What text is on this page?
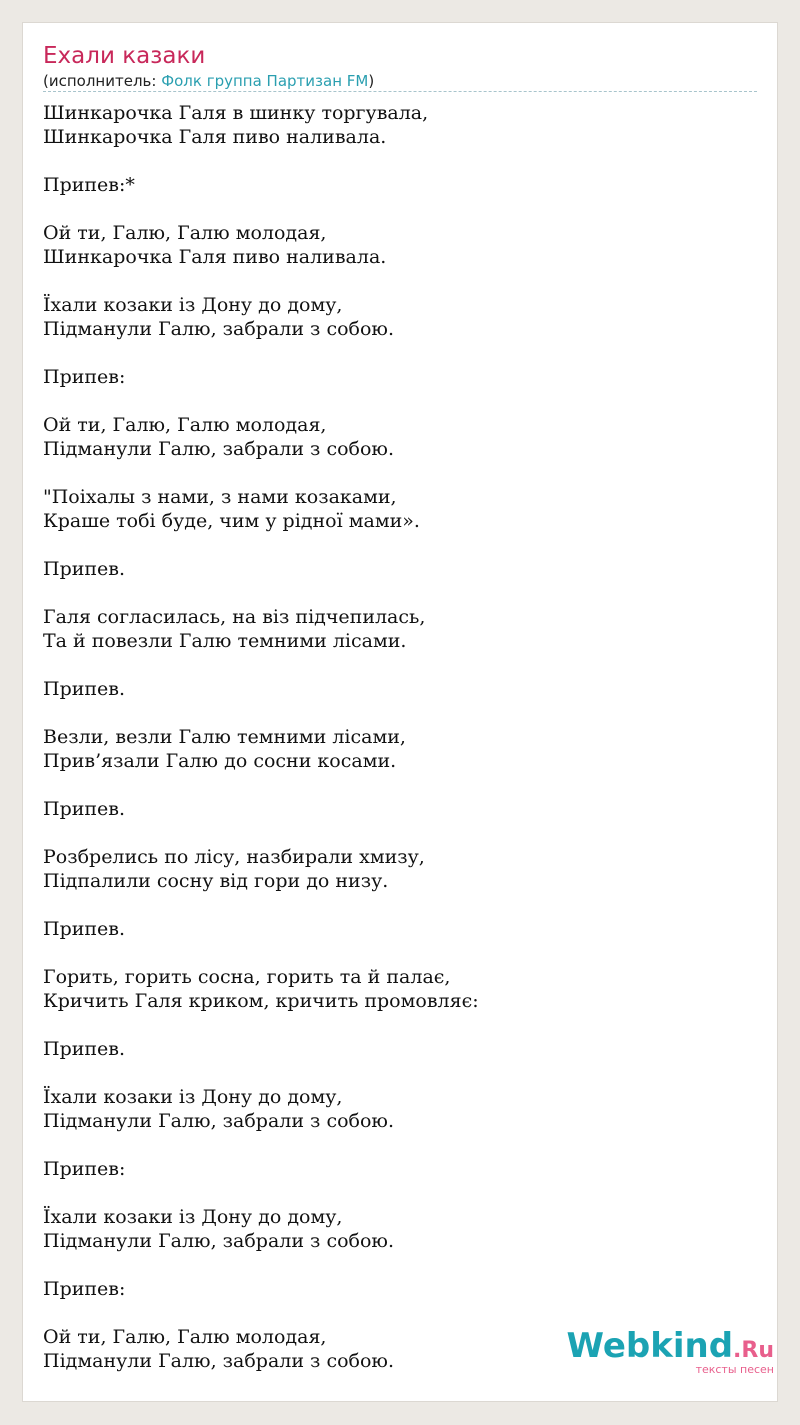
Ехали казаки
(исполнитель: Фолк группа Партизан FM)
Шинкарочка Галя в шинку торгувала,
Шинкарочка Галя пиво наливала.
Припев:*
Ой ти, Галю, Галю молодая,
Шинкарочка Галя пиво наливала.
Їхали козаки із Дону до дому,
Підманули Галю, забрали з собою.
Припев:
Ой ти, Галю, Галю молодая,
Підманули Галю, забрали з собою.
"Поіхалы з нами, з нами козаками,
Краше тобі буде, чим у рідної мами».
Припев.
Галя согласилась, на віз підчепилась,
Та й повезли Галю темними лісами.
Припев.
Везли, везли Галю темними лісами,
Прив’язали Галю до сосни косами.
Припев.
Розбрелись по лісу, назбирали хмизу,
Підпалили сосну від гори до низу.
Припев.
Горить, горить сосна, горить та й палає,
Кричить Галя криком, кричить промовляє:
Припев.
Їхали козаки із Дону до дому,
Підманули Галю, забрали з собою.
Припев:
Їхали козаки із Дону до дому,
Підманули Галю, забрали з собою.
Припев:
Ой ти, Галю, Галю молодая,
Підманули Галю, забрали з собою.	Webkind.Ru
тексты песен
